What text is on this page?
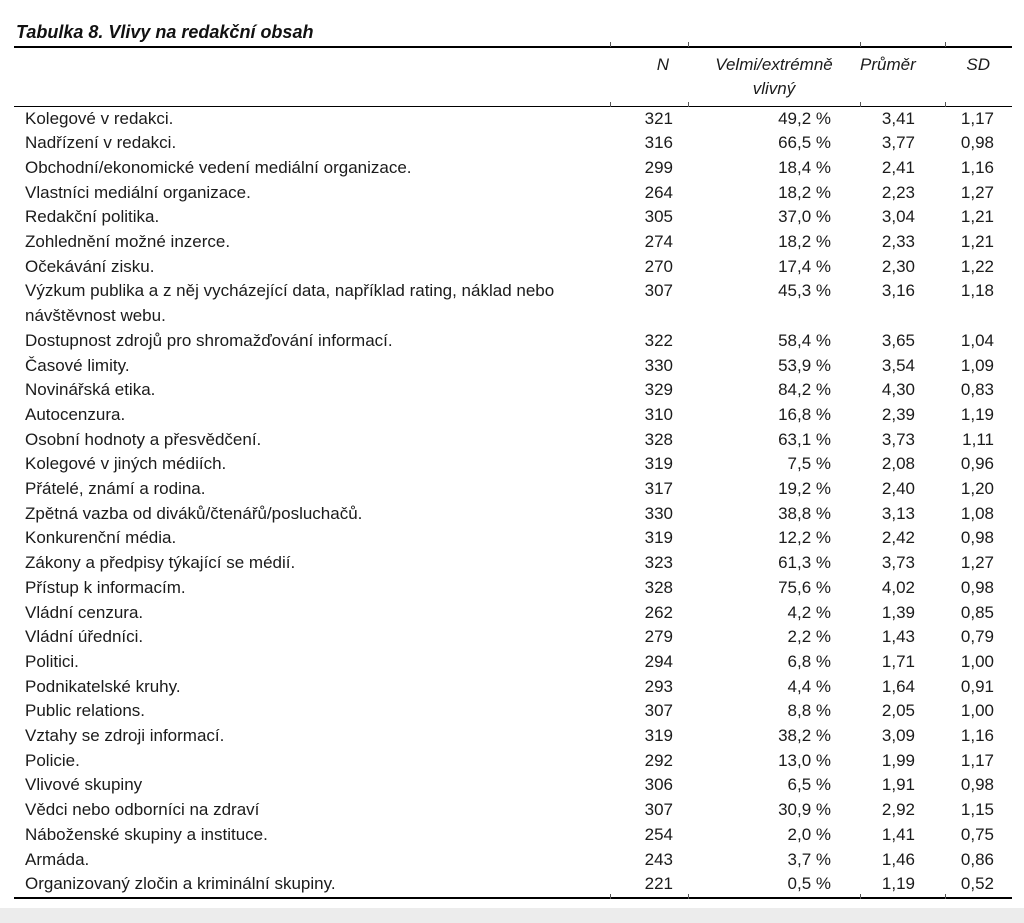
Tabulka 8. Vlivy na redakční obsah
	N	Velmi/extrémně vlivný	Průměr	SD
Kolegové v redakci.	321	49,2 %	3,41	1,17
Nadřízení v redakci.	316	66,5 %	3,77	0,98
Obchodní/ekonomické vedení mediální organizace.	299	18,4 %	2,41	1,16
Vlastníci mediální organizace.	264	18,2 %	2,23	1,27
Redakční politika.	305	37,0 %	3,04	1,21
Zohlednění možné inzerce.	274	18,2 %	2,33	1,21
Očekávání zisku.	270	17,4 %	2,30	1,22
Výzkum publika a z něj vycházející data, například rating, náklad nebo návštěvnost webu.	307	45,3 %	3,16	1,18
Dostupnost zdrojů pro shromažďování informací.	322	58,4 %	3,65	1,04
Časové limity.	330	53,9 %	3,54	1,09
Novinářská etika.	329	84,2 %	4,30	0,83
Autocenzura.	310	16,8 %	2,39	1,19
Osobní hodnoty a přesvědčení.	328	63,1 %	3,73	1,11
Kolegové v jiných médiích.	319	7,5 %	2,08	0,96
Přátelé, známí a rodina.	317	19,2 %	2,40	1,20
Zpětná vazba od diváků/čtenářů/posluchačů.	330	38,8 %	3,13	1,08
Konkurenční média.	319	12,2 %	2,42	0,98
Zákony a předpisy týkající se médií.	323	61,3 %	3,73	1,27
Přístup k informacím.	328	75,6 %	4,02	0,98
Vládní cenzura.	262	4,2 %	1,39	0,85
Vládní úředníci.	279	2,2 %	1,43	0,79
Politici.	294	6,8 %	1,71	1,00
Podnikatelské kruhy.	293	4,4 %	1,64	0,91
Public relations.	307	8,8 %	2,05	1,00
Vztahy se zdroji informací.	319	38,2 %	3,09	1,16
Policie.	292	13,0 %	1,99	1,17
Vlivové skupiny	306	6,5 %	1,91	0,98
Vědci nebo odborníci na zdraví	307	30,9 %	2,92	1,15
Náboženské skupiny a instituce.	254	2,0 %	1,41	0,75
Armáda.	243	3,7 %	1,46	0,86
Organizovaný zločin a kriminální skupiny.	221	0,5 %	1,19	0,52
